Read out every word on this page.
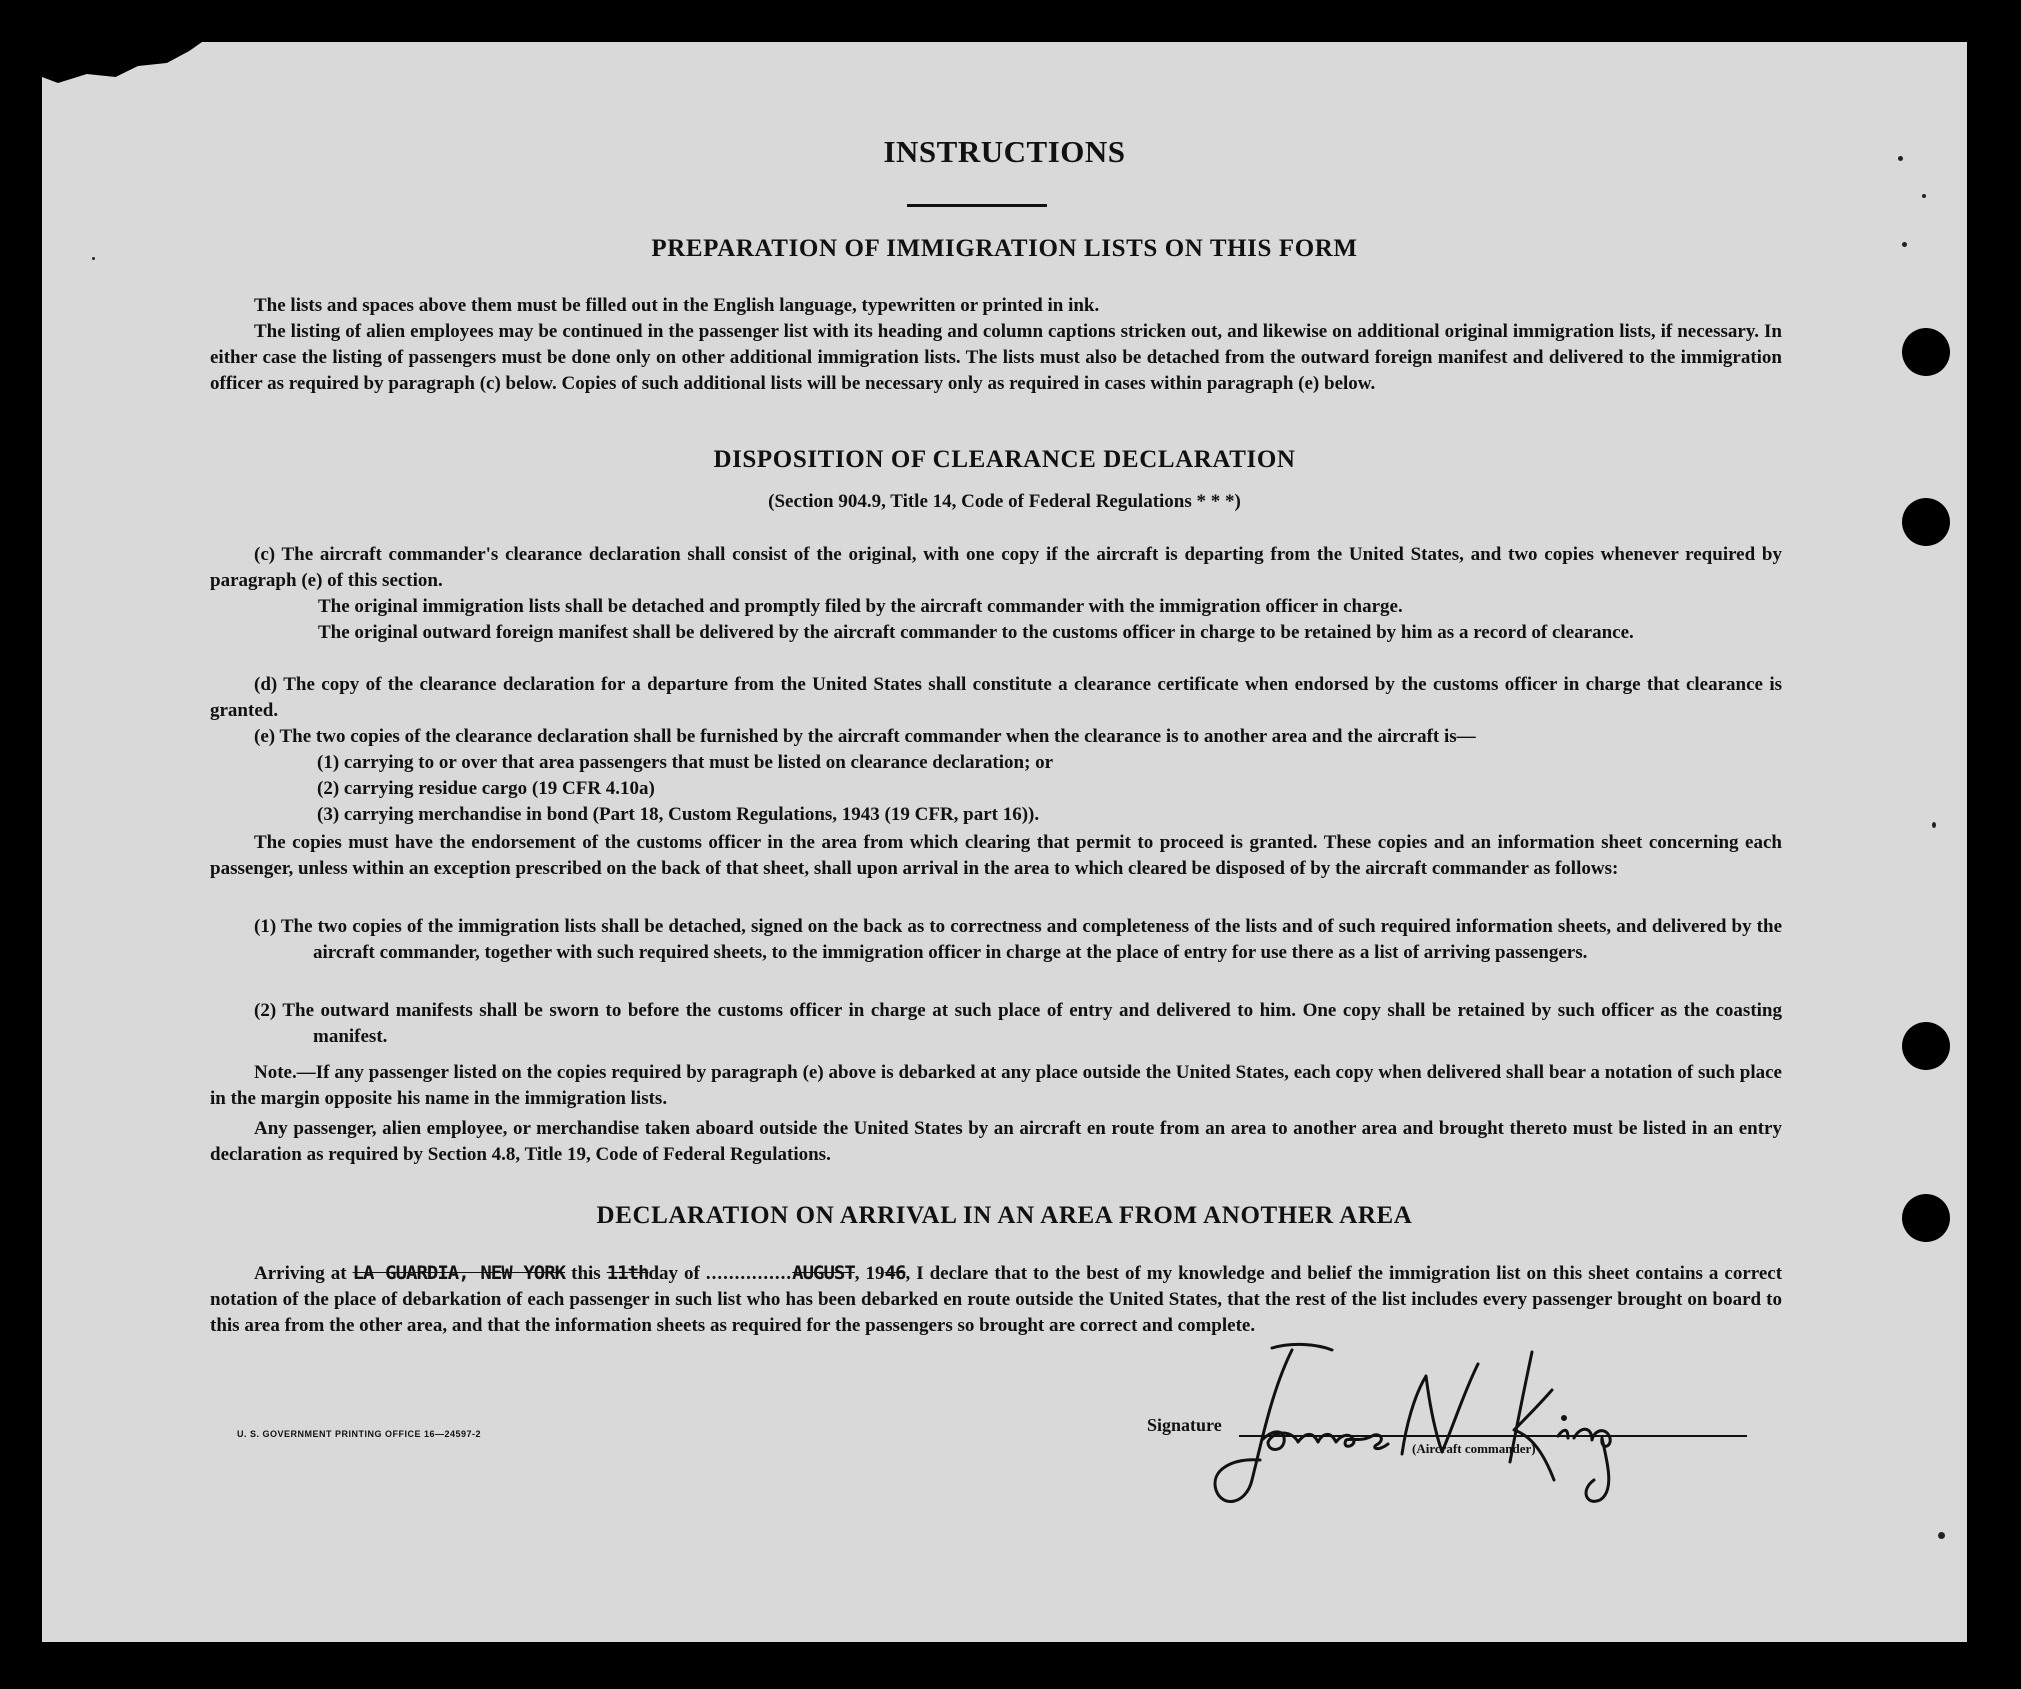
INSTRUCTIONS
PREPARATION OF IMMIGRATION LISTS ON THIS FORM

The lists and spaces above them must be filled out in the English language, typewritten or printed in ink.

The listing of alien employees may be continued in the passenger list with its heading and column captions stricken out, and likewise on additional original immigration lists, if necessary. In either case the listing of passengers must be done only on other additional immigration lists. The lists must also be detached from the outward foreign manifest and delivered to the immigration officer as required by paragraph (c) below. Copies of such additional lists will be necessary only as required in cases within paragraph (e) below.

DISPOSITION OF CLEARANCE DECLARATION
(Section 904.9, Title 14, Code of Federal Regulations * * *)

(c) The aircraft commander's clearance declaration shall consist of the original, with one copy if the aircraft is departing from the United States, and two copies whenever required by paragraph (e) of this section.

The original immigration lists shall be detached and promptly filed by the aircraft commander with the immigration officer in charge.

The original outward foreign manifest shall be delivered by the aircraft commander to the customs officer in charge to be retained by him as a record of clearance.

(d) The copy of the clearance declaration for a departure from the United States shall constitute a clearance certificate when endorsed by the customs officer in charge that clearance is granted.

(e) The two copies of the clearance declaration shall be furnished by the aircraft commander when the clearance is to another area and the aircraft is—

(1) carrying to or over that area passengers that must be listed on clearance declaration; or
(2) carrying residue cargo (19 CFR 4.10a)
(3) carrying merchandise in bond (Part 18, Custom Regulations, 1943 (19 CFR, part 16)).

The copies must have the endorsement of the customs officer in the area from which clearing that permit to proceed is granted. These copies and an information sheet concerning each passenger, unless within an exception prescribed on the back of that sheet, shall upon arrival in the area to which cleared be disposed of by the aircraft commander as follows:

(1) The two copies of the immigration lists shall be detached, signed on the back as to correctness and completeness of the lists and of such required information sheets, and delivered by the aircraft commander, together with such required sheets, to the immigration officer in charge at the place of entry for use there as a list of arriving passengers.

(2) The outward manifests shall be sworn to before the customs officer in charge at such place of entry and delivered to him. One copy shall be retained by such officer as the coasting manifest.

Note.—If any passenger listed on the copies required by paragraph (e) above is debarked at any place outside the United States, each copy when delivered shall bear a notation of such place in the margin opposite his name in the immigration lists.

Any passenger, alien employee, or merchandise taken aboard outside the United States by an aircraft en route from an area to another area and brought thereto must be listed in an entry declaration as required by Section 4.8, Title 19, Code of Federal Regulations.

DECLARATION ON ARRIVAL IN AN AREA FROM ANOTHER AREA

Arriving at LA GUARDIA, NEW YORK this 11thday of ...............AUGUST, 1946, I declare that to the best of my knowledge and belief the immigration list on this sheet contains a correct notation of the place of debarkation of each passenger in such list who has been debarked en route outside the United States, that the rest of the list includes every passenger brought on board to this area from the other area, and that the information sheets as required for the passengers so brought are correct and complete.

U. S. GOVERNMENT PRINTING OFFICE 16—24597-2	Signature
(Aircraft commander)
